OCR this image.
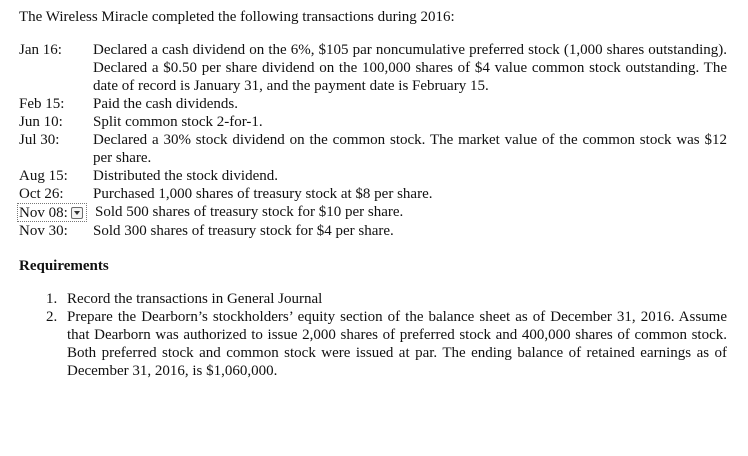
The Wireless Miracle completed the following transactions during 2016:

Jan 16:	Declared a cash dividend on the 6%, $105 par noncumulative preferred stock (1,000 shares outstanding). Declared a $0.50 per share dividend on the 100,000 shares of $4 value common stock outstanding. The date of record is January 31, and the payment date is February 15.
Feb 15:	Paid the cash dividends.
Jun 10:	Split common stock 2-for-1.
Jul 30:	Declared a 30% stock dividend on the common stock. The market value of the common stock was $12 per share.
Aug 15:	Distributed the stock dividend.
Oct 26:	Purchased 1,000 shares of treasury stock at $8 per share.
Nov 08: Sold 500 shares of treasury stock for $10 per share.
Nov 30:	Sold 300 shares of treasury stock for $4 per share.
Requirements
1. Record the transactions in General Journal
2. Prepare the Dearborn’s stockholders’ equity section of the balance sheet as of December 31, 2016. Assume that Dearborn was authorized to issue 2,000 shares of preferred stock and 400,000 shares of common stock. Both preferred stock and common stock were issued at par. The ending balance of retained earnings as of December 31, 2016, is $1,060,000.
